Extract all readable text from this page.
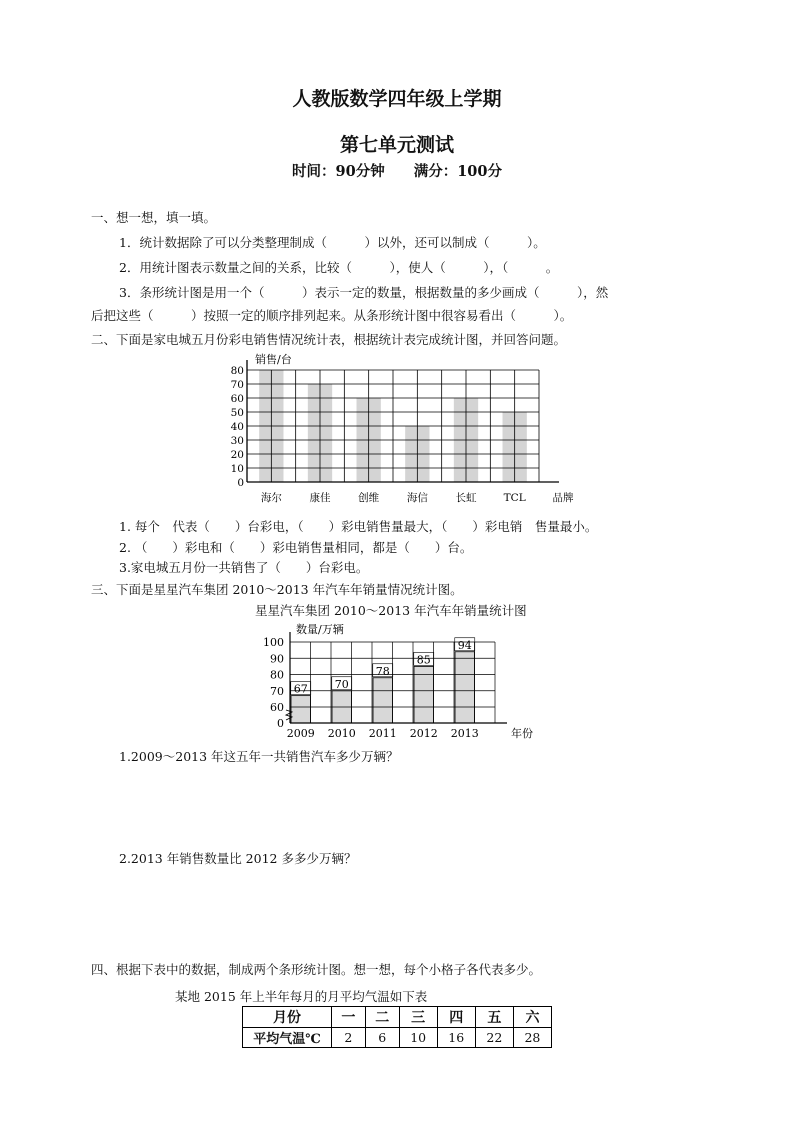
人教版数学四年级上学期
第七单元测试
时间：90分钟　　满分：100分
一、想一想，填一填。
1．统计数据除了可以分类整理制成（　　　）以外，还可以制成（　　　）。
2．用统计图表示数量之间的关系，比较（　　　），使人（　　　），（　　　。
3．条形统计图是用一个（　　　）表示一定的数量，根据数量的多少画成（　　　），然
后把这些（　　　）按照一定的顺序排列起来。从条形统计图中很容易看出（　　　）。
二、下面是家电城五月份彩电销售情况统计表，根据统计表完成统计图，并回答问题。
0
10
20
30
40
50
60
70
80
海尔	康佳	创维	海信	长虹	TCL	品牌
销售/台
1. 每个　代表（　　）台彩电，（　　）彩电销售量最大，（　　）彩电销　售量最小。
2. （　　）彩电和（　　）彩电销售量相同，都是（　　）台。
3.家电城五月份一共销售了（　　）台彩电。
三、下面是星星汽车集团 2010～2013 年汽车年销量情况统计图。
星星汽车集团 2010～2013 年汽车年销量统计图
67 70
78
85
94
0
60
70
80
90
100
2009 2010 2011 2012 2013	年份
数量/万辆
1.2009～2013 年这五年一共销售汽车多少万辆？
2.2013 年销售数量比 2012 多多少万辆？
四、根据下表中的数据，制成两个条形统计图。想一想，每个小格子各代表多少。
某地 2015 年上半年每月的月平均气温如下表
月份	一	二	三	四	五	六
平均气温℃	2	6	10	16	22	28
